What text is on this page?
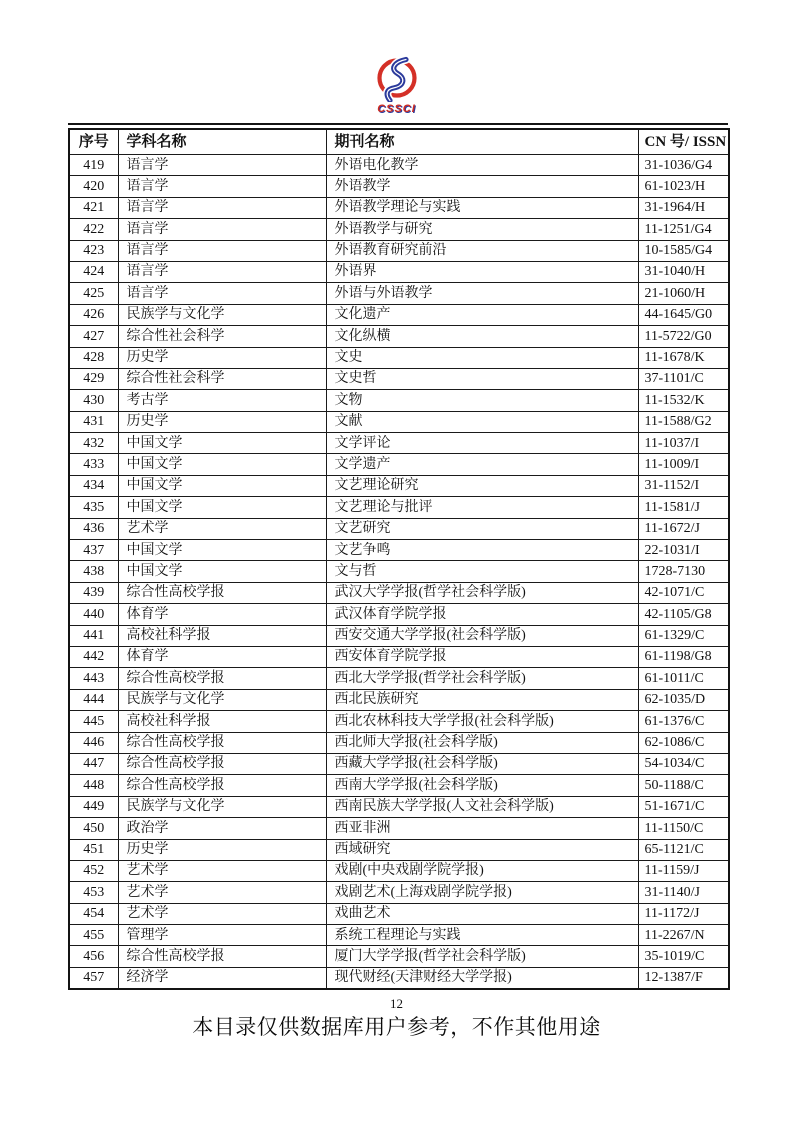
CSSCI
序号	学科名称	期刊名称	CN 号/ ISSN
419	语言学	外语电化教学	31-1036/G4
420	语言学	外语教学	61-1023/H
421	语言学	外语教学理论与实践	31-1964/H
422	语言学	外语教学与研究	11-1251/G4
423	语言学	外语教育研究前沿	10-1585/G4
424	语言学	外语界	31-1040/H
425	语言学	外语与外语教学	21-1060/H
426	民族学与文化学	文化遗产	44-1645/G0
427	综合性社会科学	文化纵横	11-5722/G0
428	历史学	文史	11-1678/K
429	综合性社会科学	文史哲	37-1101/C
430	考古学	文物	11-1532/K
431	历史学	文献	11-1588/G2
432	中国文学	文学评论	11-1037/I
433	中国文学	文学遗产	11-1009/I
434	中国文学	文艺理论研究	31-1152/I
435	中国文学	文艺理论与批评	11-1581/J
436	艺术学	文艺研究	11-1672/J
437	中国文学	文艺争鸣	22-1031/I
438	中国文学	文与哲	1728-7130
439	综合性高校学报	武汉大学学报(哲学社会科学版)	42-1071/C
440	体育学	武汉体育学院学报	42-1105/G8
441	高校社科学报	西安交通大学学报(社会科学版)	61-1329/C
442	体育学	西安体育学院学报	61-1198/G8
443	综合性高校学报	西北大学学报(哲学社会科学版)	61-1011/C
444	民族学与文化学	西北民族研究	62-1035/D
445	高校社科学报	西北农林科技大学学报(社会科学版)	61-1376/C
446	综合性高校学报	西北师大学报(社会科学版)	62-1086/C
447	综合性高校学报	西藏大学学报(社会科学版)	54-1034/C
448	综合性高校学报	西南大学学报(社会科学版)	50-1188/C
449	民族学与文化学	西南民族大学学报(人文社会科学版)	51-1671/C
450	政治学	西亚非洲	11-1150/C
451	历史学	西域研究	65-1121/C
452	艺术学	戏剧(中央戏剧学院学报)	11-1159/J
453	艺术学	戏剧艺术(上海戏剧学院学报)	31-1140/J
454	艺术学	戏曲艺术	11-1172/J
455	管理学	系统工程理论与实践	11-2267/N
456	综合性高校学报	厦门大学学报(哲学社会科学版)	35-1019/C
457	经济学	现代财经(天津财经大学学报)	12-1387/F
12
本目录仅供数据库用户参考，不作其他用途
